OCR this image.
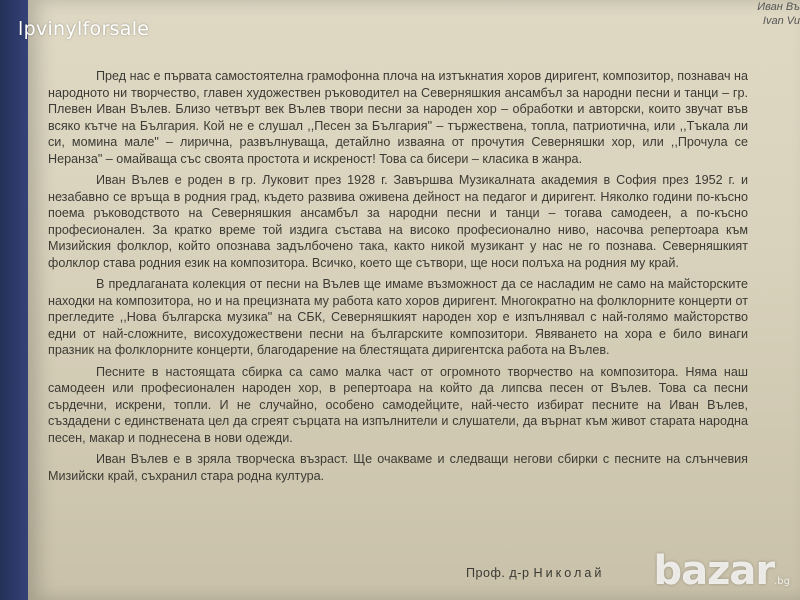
Иван Въ
Ivan Vu

Пред нас е първата самостоятелна грамофонна плоча на изтъкнатия хоров диригент, композитор, познавач на народното ни творчество, главен художествен ръководител на Северняшкия ансамбъл за народни песни и танци – гр. Плевен Иван Вълев. Близо четвърт век Вълев твори песни за народен хор – обработки и авторски, които звучат във всяко кътче на България. Кой не е слушал ,,Песен за България" – тържествена, топла, патриотична, или ,,Тъкала ли си, момина мале" – лирична, развълнуваща, детайлно изваяна от прочутия Северняшки хор, или ,,Прочула се Неранза" – омайваща със своята простота и искреност! Това са бисери – класика в жанра.

Иван Вълев е роден в гр. Луковит през 1928 г. Завършва Музикалната академия в София през 1952 г. и незабавно се връща в родния град, където развива оживена дейност на педагог и диригент. Няколко години по-късно поема ръководството на Северняшкия ансамбъл за народни песни и танци – тогава самодеен, а по-късно професионален. За кратко време той издига състава на високо професионално ниво, насочва репертоара към Мизийския фолклор, който опознава задълбочено така, както никой музикант у нас не го познава. Северняшкият фолклор става родния език на композитора. Всичко, което ще сътвори, ще носи полъха на родния му край.

В предлаганата колекция от песни на Вълев ще имаме възможност да се насладим не само на майсторските находки на композитора, но и на прецизната му работа като хоров диригент. Многократно на фолклорните концерти от прегледите ,,Нова българска музика" на СБК, Северняшкият народен хор е изпълнявал с най-голямо майсторство едни от най-сложните, висохудожествени песни на българските композитори. Явяването на хора е било винаги празник на фолклорните концерти, благодарение на блестящата диригентска работа на Вълев.

Песните в настоящата сбирка са само малка част от огромното творчество на композитора. Няма наш самодеен или професионален народен хор, в репертоара на който да липсва песен от Вълев. Това са песни сърдечни, искрени, топли. И не случайно, особено самодейците, най-често избират песните на Иван Вълев, създадени с единствената цел да сгреят сърцата на изпълнители и слушатели, да върнат към живот старата народна песен, макар и поднесена в нови одежди.

Иван Вълев е в зряла творческа възраст. Ще очакваме и следващи негови сбирки с песните на слънчевия Мизийски край, съхранил стара родна култура.

Проф. д-р Николай
lpvinylforsale
bazar.bg
